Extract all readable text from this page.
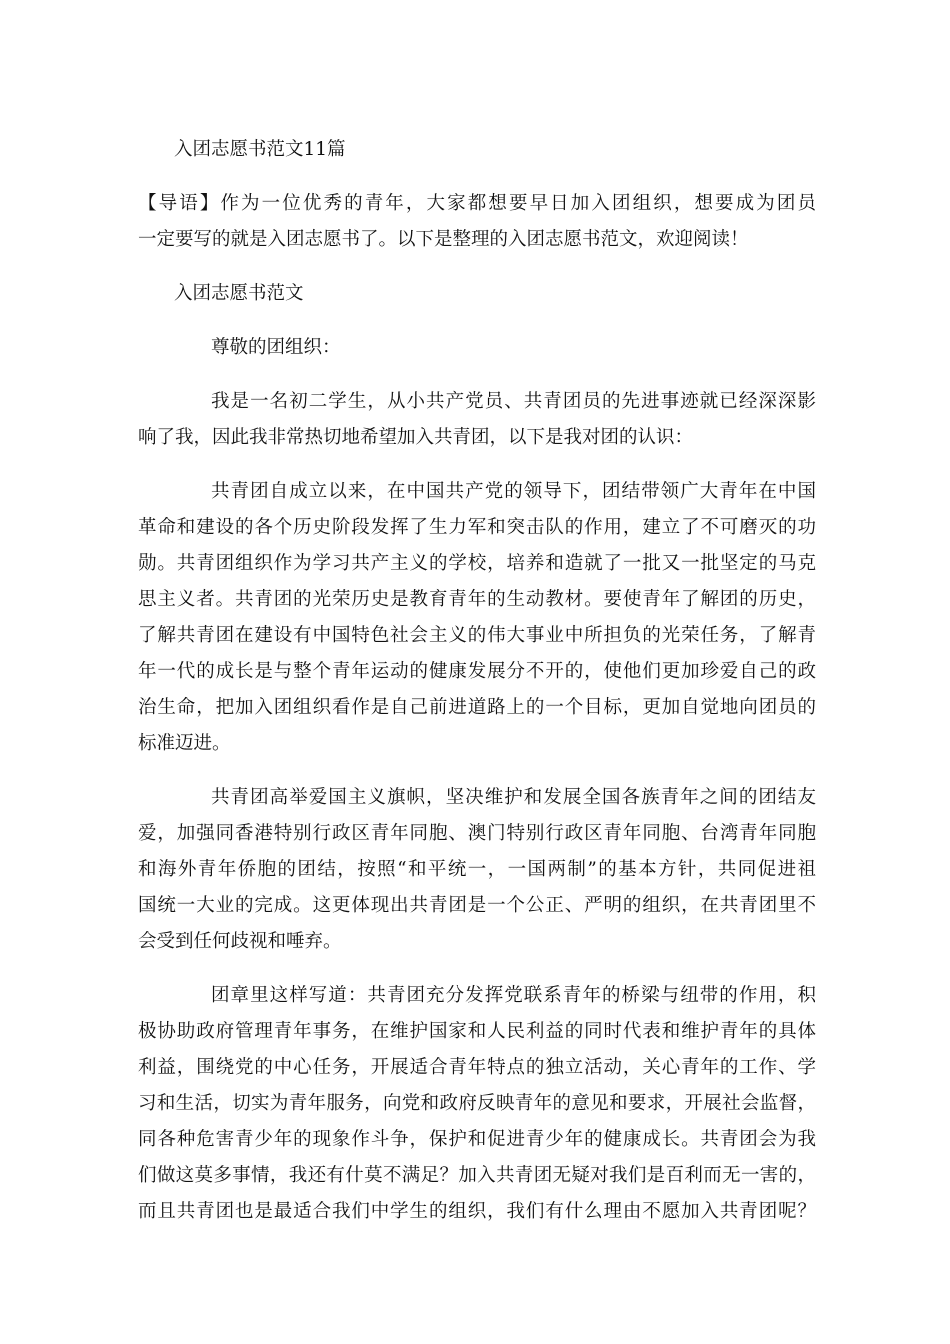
入团志愿书范文11篇
【导语】作为一位优秀的青年，大家都想要早日加入团组织，想要成为团员
一定要写的就是入团志愿书了。以下是整理的入团志愿书范文，欢迎阅读！
入团志愿书范文
尊敬的团组织：
我是一名初二学生，从小共产党员、共青团员的先进事迹就已经深深影
响了我，因此我非常热切地希望加入共青团，以下是我对团的认识：
共青团自成立以来，在中国共产党的领导下，团结带领广大青年在中国
革命和建设的各个历史阶段发挥了生力军和突击队的作用，建立了不可磨灭的功
勋。共青团组织作为学习共产主义的学校，培养和造就了一批又一批坚定的马克
思主义者。共青团的光荣历史是教育青年的生动教材。要使青年了解团的历史，
了解共青团在建设有中国特色社会主义的伟大事业中所担负的光荣任务，了解青
年一代的成长是与整个青年运动的健康发展分不开的，使他们更加珍爱自己的政
治生命，把加入团组织看作是自己前进道路上的一个目标，更加自觉地向团员的
标准迈进。
共青团高举爱国主义旗帜，坚决维护和发展全国各族青年之间的团结友
爱，加强同香港特别行政区青年同胞、澳门特别行政区青年同胞、台湾青年同胞
和海外青年侨胞的团结，按照“和平统一，一国两制”的基本方针，共同促进祖
国统一大业的完成。这更体现出共青团是一个公正、严明的组织，在共青团里不
会受到任何歧视和唾弃。
团章里这样写道：共青团充分发挥党联系青年的桥梁与纽带的作用，积
极协助政府管理青年事务，在维护国家和人民利益的同时代表和维护青年的具体
利益，围绕党的中心任务，开展适合青年特点的独立活动，关心青年的工作、学
习和生活，切实为青年服务，向党和政府反映青年的意见和要求，开展社会监督，
同各种危害青少年的现象作斗争，保护和促进青少年的健康成长。共青团会为我
们做这莫多事情，我还有什莫不满足？加入共青团无疑对我们是百利而无一害的，
而且共青团也是最适合我们中学生的组织，我们有什么理由不愿加入共青团呢？
